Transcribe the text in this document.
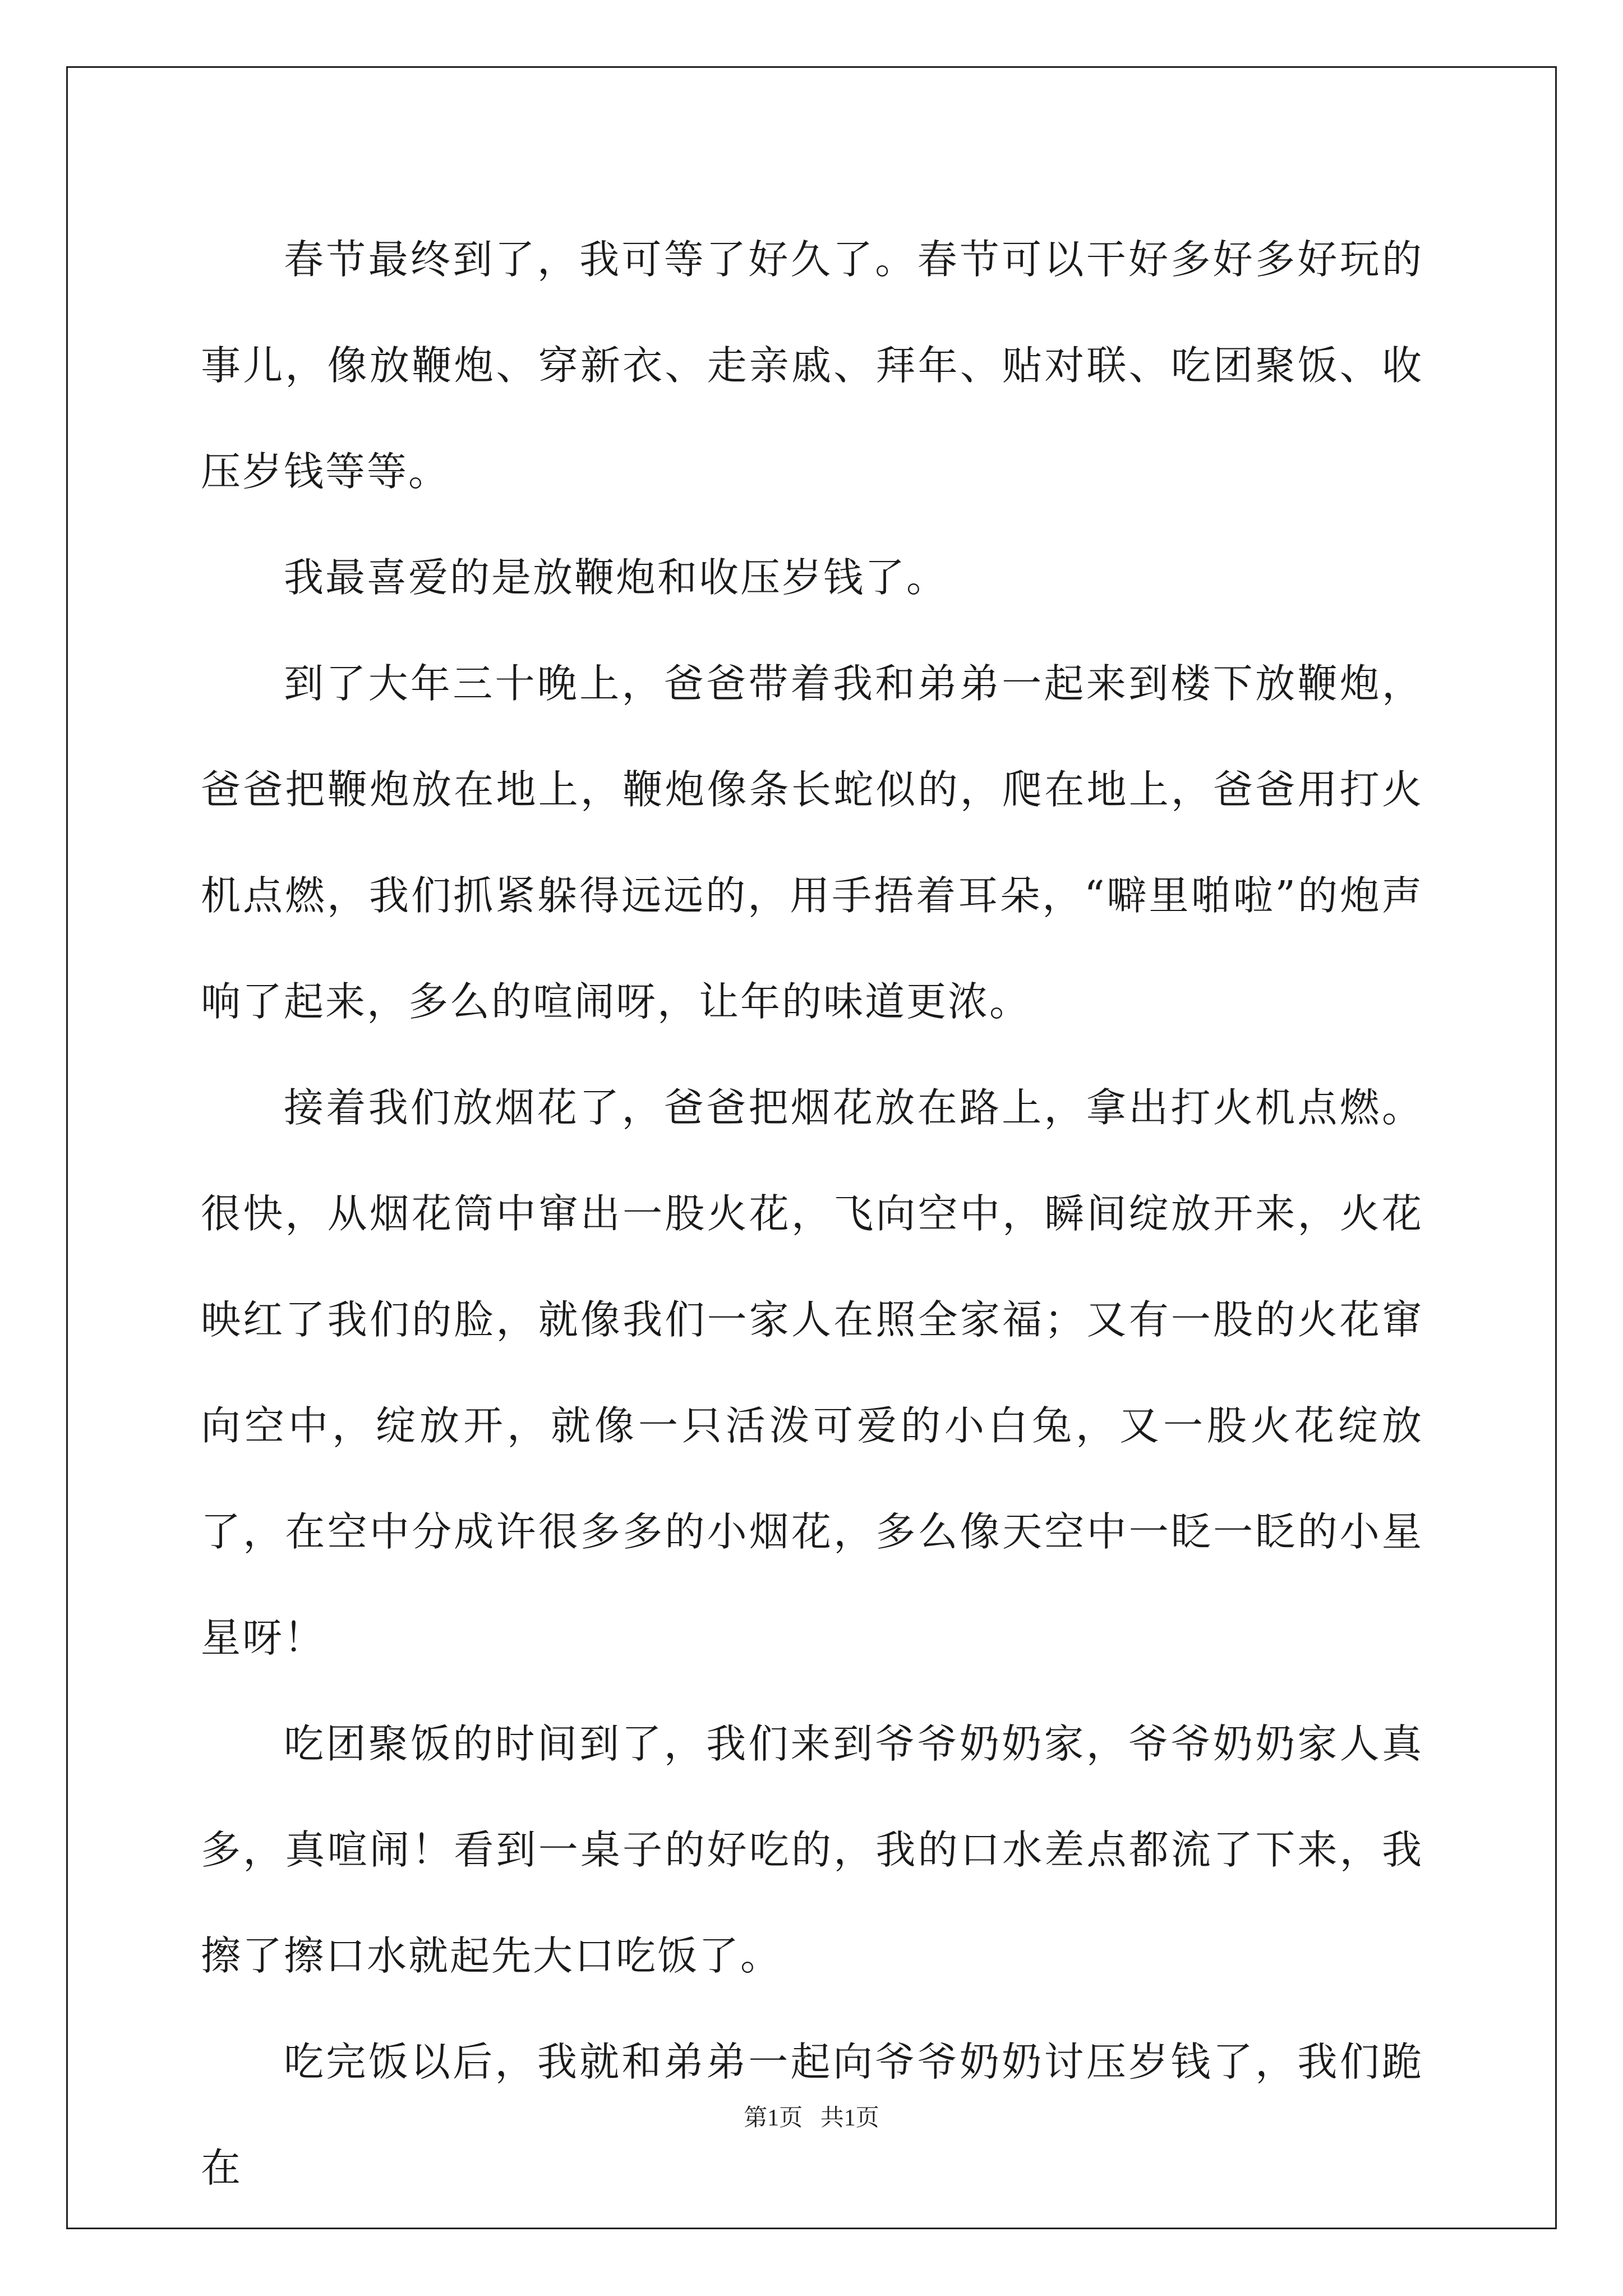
春节最终到了，我可等了好久了。春节可以干好多好多好玩的事儿，像放鞭炮、穿新衣、走亲戚、拜年、贴对联、吃团聚饭、收压岁钱等等。

我最喜爱的是放鞭炮和收压岁钱了。

到了大年三十晚上，爸爸带着我和弟弟一起来到楼下放鞭炮，爸爸把鞭炮放在地上，鞭炮像条长蛇似的，爬在地上，爸爸用打火机点燃，我们抓紧躲得远远的，用手捂着耳朵，“噼里啪啦”的炮声响了起来，多么的喧闹呀，让年的味道更浓。

接着我们放烟花了，爸爸把烟花放在路上，拿出打火机点燃。很快，从烟花筒中窜出一股火花，飞向空中，瞬间绽放开来，火花映红了我们的脸，就像我们一家人在照全家福；又有一股的火花窜向空中，绽放开，就像一只活泼可爱的小白兔，又一股火花绽放了，在空中分成许很多多的小烟花，多么像天空中一眨一眨的小星星呀！

吃团聚饭的时间到了，我们来到爷爷奶奶家，爷爷奶奶家人真多，真喧闹！看到一桌子的好吃的，我的口水差点都流了下来，我擦了擦口水就起先大口吃饭了。

吃完饭以后，我就和弟弟一起向爷爷奶奶讨压岁钱了，我们跪在

第1页   共1页
